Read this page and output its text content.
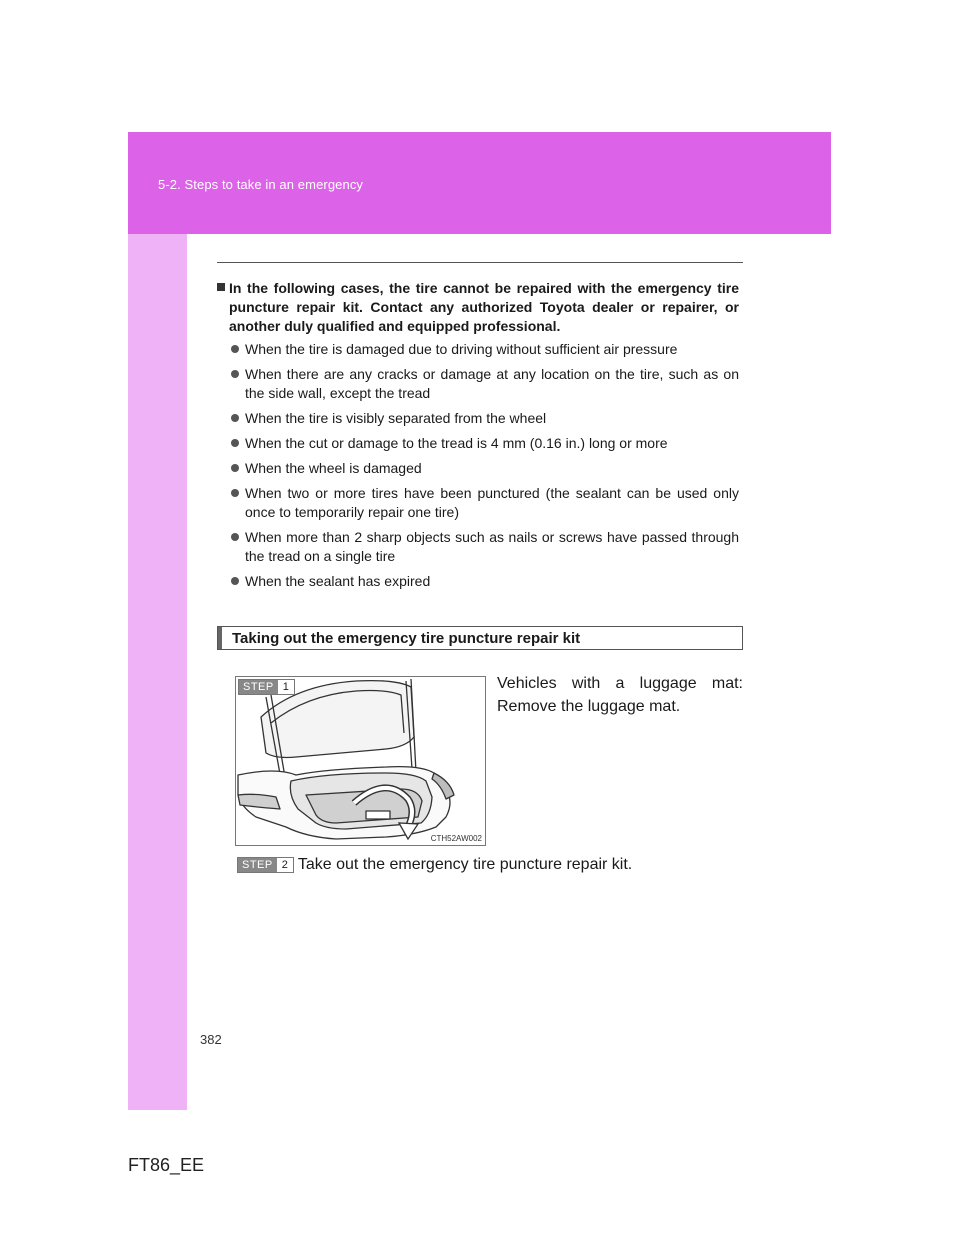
5-2. Steps to take in an emergency
In the following cases, the tire cannot be repaired with the emergency tire puncture repair kit. Contact any authorized Toyota dealer or repairer, or another duly qualified and equipped professional.
When the tire is damaged due to driving without sufficient air pressure
When there are any cracks or damage at any location on the tire, such as on the side wall, except the tread
When the tire is visibly separated from the wheel
When the cut or damage to the tread is 4 mm (0.16 in.) long or more
When the wheel is damaged
When two or more tires have been punctured (the sealant can be used only once to temporarily repair one tire)
When more than 2 sharp objects such as nails or screws have passed through the tread on a single tire
When the sealant has expired
Taking out the emergency tire puncture repair kit
STEP 1
CTH52AW002
Vehicles with a luggage mat: Remove the luggage mat.
STEP 2 Take out the emergency tire puncture repair kit.
382
FT86_EE
